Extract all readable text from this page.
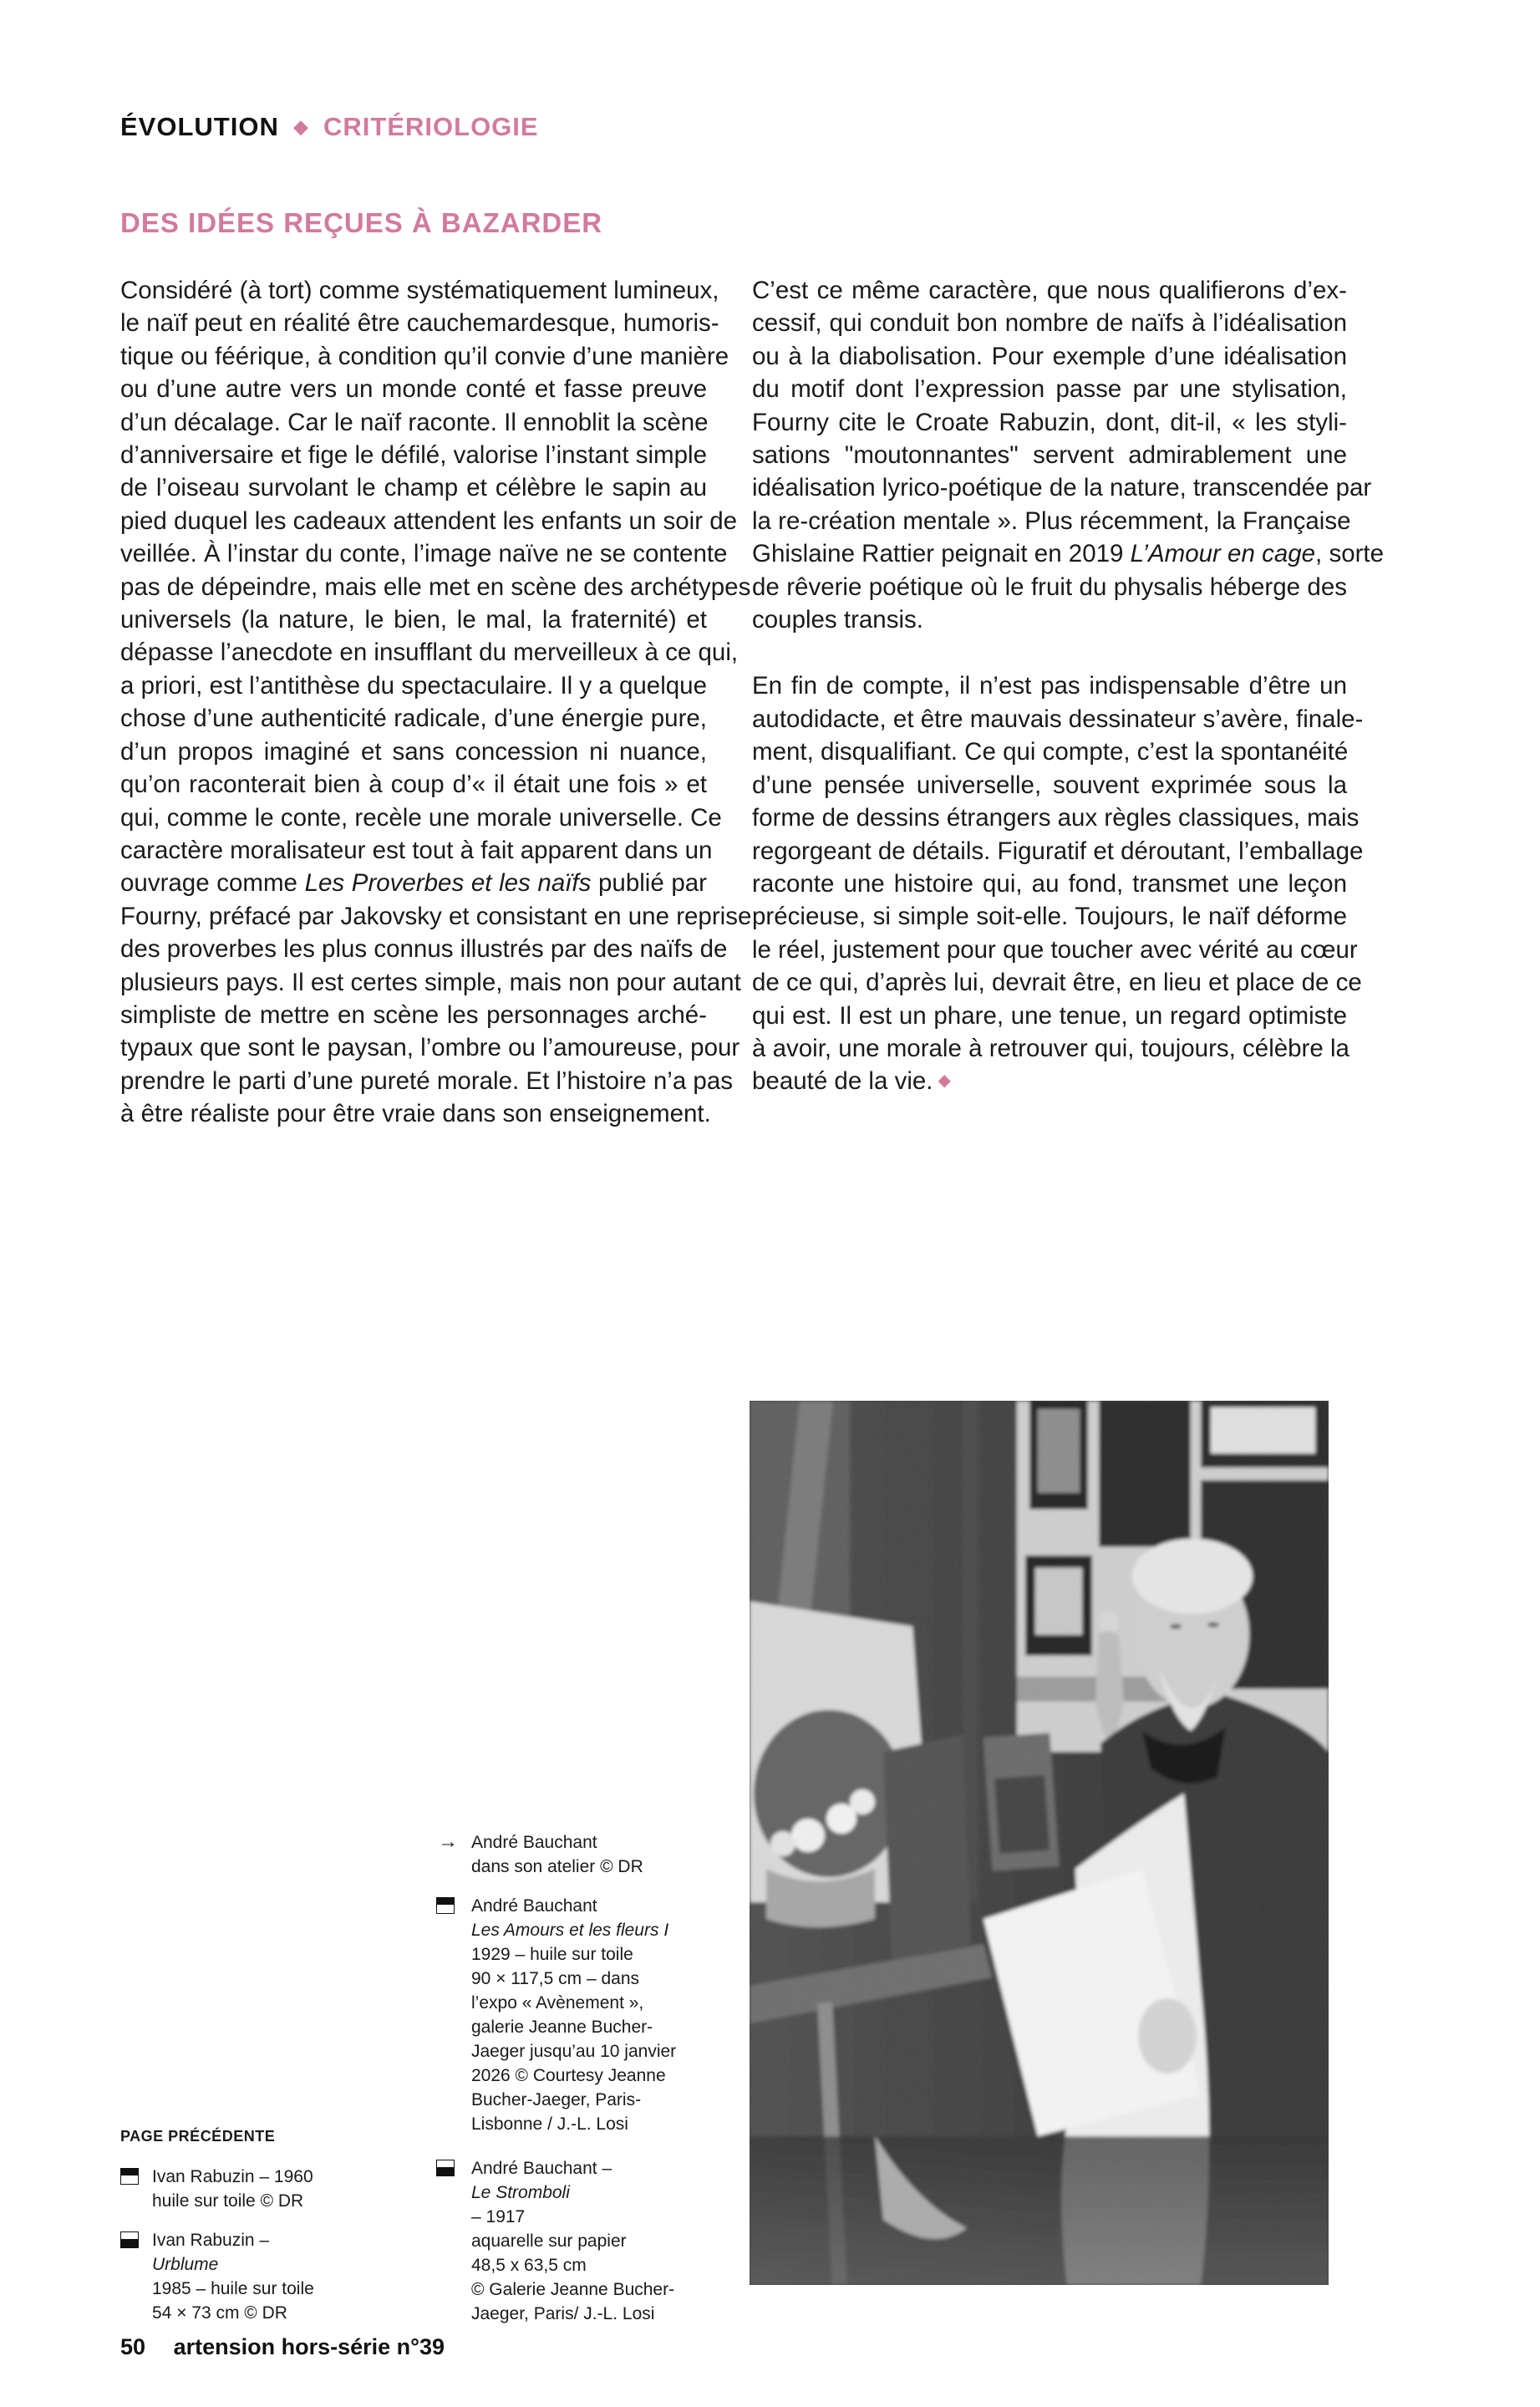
ÉVOLUTION ◆ CRITÉRIOLOGIE
DES IDÉES REÇUES À BAZARDER
Considéré (à tort) comme systématiquement lumineux,
le naïf peut en réalité être cauchemardesque, humoris-
tique ou féérique, à condition qu’il convie d’une manière
ou d’une autre vers un monde conté et fasse preuve
d’un décalage. Car le naïf raconte. Il ennoblit la scène
d’anniversaire et fige le défilé, valorise l’instant simple
de l’oiseau survolant le champ et célèbre le sapin au
pied duquel les cadeaux attendent les enfants un soir de
veillée. À l’instar du conte, l’image naïve ne se contente
pas de dépeindre, mais elle met en scène des archétypes
universels (la nature, le bien, le mal, la fraternité) et
dépasse l’anecdote en insufflant du merveilleux à ce qui,
a priori, est l’antithèse du spectaculaire. Il y a quelque
chose d’une authenticité radicale, d’une énergie pure,
d’un propos imaginé et sans concession ni nuance,
qu’on raconterait bien à coup d’« il était une fois » et
qui, comme le conte, recèle une morale universelle. Ce
caractère moralisateur est tout à fait apparent dans un
ouvrage comme Les Proverbes et les naïfs publié par
Fourny, préfacé par Jakovsky et consistant en une reprise
des proverbes les plus connus illustrés par des naïfs de
plusieurs pays. Il est certes simple, mais non pour autant
simpliste de mettre en scène les personnages arché-
typaux que sont le paysan, l’ombre ou l’amoureuse, pour
prendre le parti d’une pureté morale. Et l’histoire n’a pas
à être réaliste pour être vraie dans son enseignement.
C’est ce même caractère, que nous qualifierons d’ex-
cessif, qui conduit bon nombre de naïfs à l’idéalisation
ou à la diabolisation. Pour exemple d’une idéalisation
du motif dont l’expression passe par une stylisation,
Fourny cite le Croate Rabuzin, dont, dit-il, « les styli-
sations "moutonnantes" servent admirablement une
idéalisation lyrico-poétique de la nature, transcendée par
la re-création mentale ». Plus récemment, la Française
Ghislaine Rattier peignait en 2019 L’Amour en cage, sorte
de rêverie poétique où le fruit du physalis héberge des
couples transis.
En fin de compte, il n’est pas indispensable d’être un
autodidacte, et être mauvais dessinateur s’avère, finale-
ment, disqualifiant. Ce qui compte, c’est la spontanéité
d’une pensée universelle, souvent exprimée sous la
forme de dessins étrangers aux règles classiques, mais
regorgeant de détails. Figuratif et déroutant, l’emballage
raconte une histoire qui, au fond, transmet une leçon
précieuse, si simple soit-elle. Toujours, le naïf déforme
le réel, justement pour que toucher avec vérité au cœur
de ce qui, d’après lui, devrait être, en lieu et place de ce
qui est. Il est un phare, une tenue, un regard optimiste
à avoir, une morale à retrouver qui, toujours, célèbre la
beauté de la vie. ◆
→ André Bauchant
dans son atelier © DR
André Bauchant
Les Amours et les fleurs I
1929 – huile sur toile
90 × 117,5 cm – dans
l’expo « Avènement »,
galerie Jeanne Bucher-
Jaeger jusqu’au 10 janvier
2026 © Courtesy Jeanne
Bucher-Jaeger, Paris-
Lisbonne / J.-L. Losi
André Bauchant –
Le Stromboli
– 1917
aquarelle sur papier
48,5 x 63,5 cm
© Galerie Jeanne Bucher-
Jaeger, Paris/ J.-L. Losi
PAGE PRÉCÉDENTE
Ivan Rabuzin – 1960
huile sur toile © DR
Ivan Rabuzin –
Urblume
1985 – huile sur toile
54 × 73 cm © DR
50 artension hors-série n°39
